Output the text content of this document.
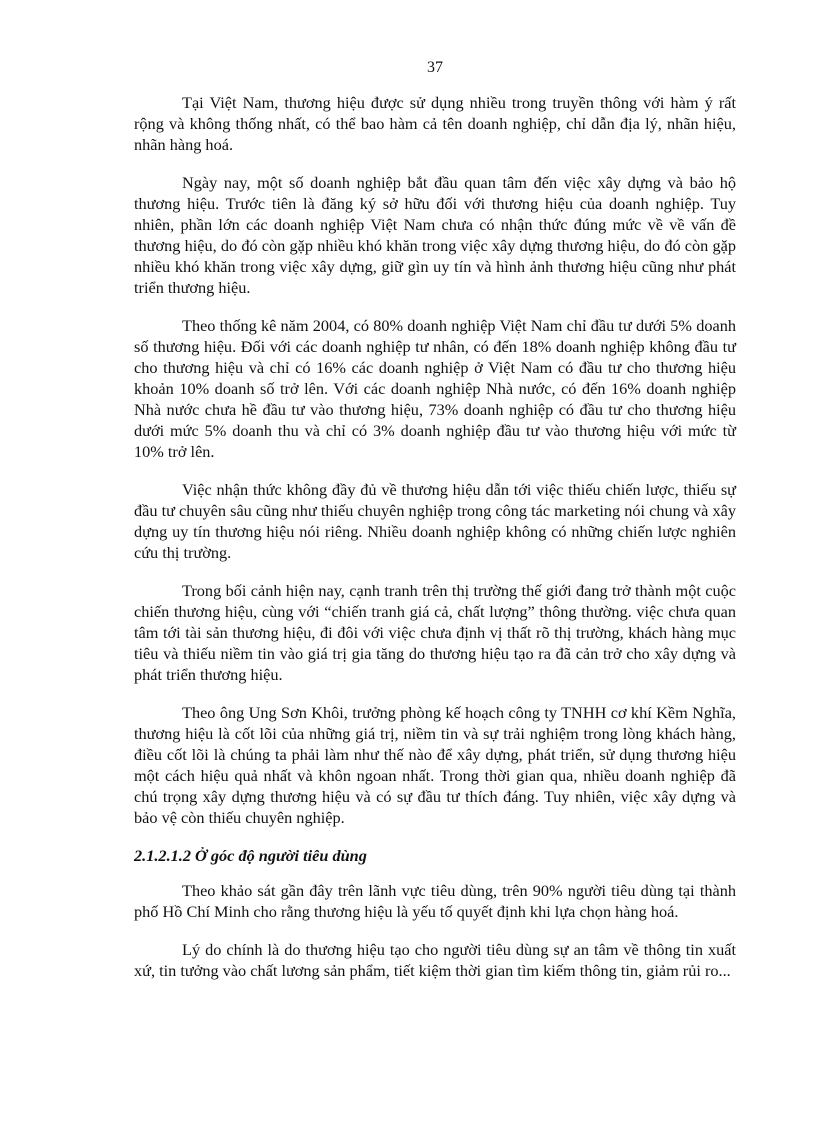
37

Tại Việt Nam, thương hiệu được sử dụng nhiều trong truyền thông với hàm ý rất rộng và không thống nhất, có thể bao hàm cả tên doanh nghiệp, chỉ dẫn địa lý, nhãn hiệu, nhãn hàng hoá.

Ngày nay, một số doanh nghiệp bắt đầu quan tâm đến việc xây dựng và bảo hộ thương hiệu. Trước tiên là đăng ký sở hữu đối với thương hiệu của doanh nghiệp. Tuy nhiên, phần lớn các doanh nghiệp Việt Nam chưa có nhận thức đúng mức về về vấn đề thương hiệu, do đó còn gặp nhiều khó khăn trong việc xây dựng thương hiệu, do đó còn gặp nhiều khó khăn trong việc xây dựng, giữ gìn uy tín và hình ảnh thương hiệu cũng như phát triển thương hiệu.

Theo thống kê năm 2004, có 80% doanh nghiệp Việt Nam chỉ đầu tư dưới 5% doanh số thương hiệu. Đối với các doanh nghiệp tư nhân, có đến 18% doanh nghiệp không đầu tư cho thương hiệu và chỉ có 16% các doanh nghiệp ở Việt Nam có đầu tư cho thương hiệu khoản 10% doanh số trở lên. Với các doanh nghiệp Nhà nước, có đến 16% doanh nghiệp Nhà nước chưa hề đầu tư vào thương hiệu, 73% doanh nghiệp có đầu tư cho thương hiệu dưới mức 5% doanh thu và chỉ có 3% doanh nghiệp đầu tư vào thương hiệu với mức từ 10% trở lên.

Việc nhận thức không đầy đủ về thương hiệu dẫn tới việc thiếu chiến lược, thiếu sự đầu tư chuyên sâu cũng như thiếu chuyên nghiệp trong công tác marketing nói chung và xây dựng uy tín thương hiệu nói riêng. Nhiều doanh nghiệp không có những chiến lược nghiên cứu thị trường.

Trong bối cảnh hiện nay, cạnh tranh trên thị trường thế giới đang trở thành một cuộc chiến thương hiệu, cùng với “chiến tranh giá cả, chất lượng” thông thường. việc chưa quan tâm tới tài sản thương hiệu, đi đôi với việc chưa định vị thất rõ thị trường, khách hàng mục tiêu và thiếu niềm tin vào giá trị gia tăng do thương hiệu tạo ra đã cản trở cho xây dựng và phát triển thương hiệu.

Theo ông Ung Sơn Khôi, trưởng phòng kế hoạch công ty TNHH cơ khí Kềm Nghĩa, thương hiệu là cốt lõi của những giá trị, niềm tin và sự trải nghiệm trong lòng khách hàng, điều cốt lõi là chúng ta phải làm như thế nào để xây dựng, phát triển, sử dụng thương hiệu một cách hiệu quả nhất và khôn ngoan nhất. Trong thời gian qua, nhiều doanh nghiệp đã chú trọng xây dựng thương hiệu và có sự đầu tư thích đáng. Tuy nhiên, việc xây dựng và bảo vệ còn thiếu chuyên nghiệp.

2.1.2.1.2 Ở góc độ người tiêu dùng

Theo khảo sát gần đây trên lãnh vực tiêu dùng, trên 90% người tiêu dùng tại thành phố Hồ Chí Minh cho rằng thương hiệu là yếu tố quyết định khi lựa chọn hàng hoá.

Lý do chính là do thương hiệu tạo cho người tiêu dùng sự an tâm về thông tin xuất xứ, tin tưởng vào chất lương sản phẩm, tiết kiệm thời gian tìm kiếm thông tin, giảm rủi ro...
